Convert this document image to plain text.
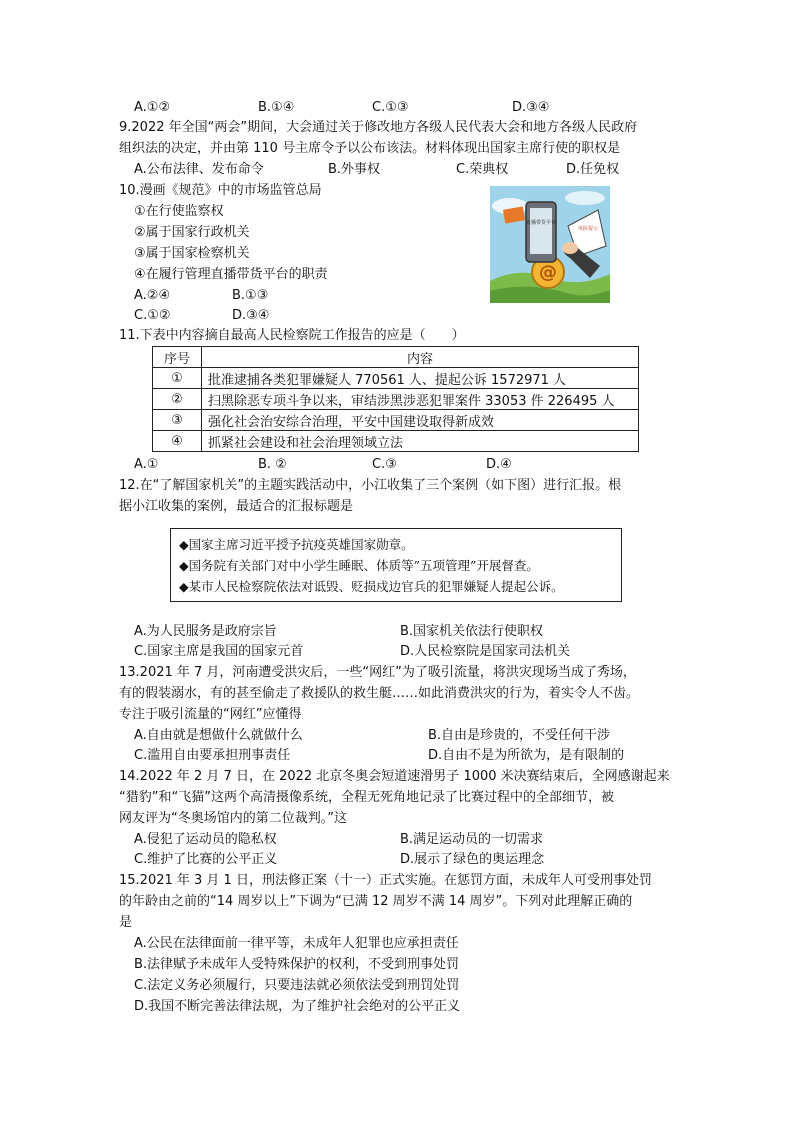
A.①②	B.①④	C.①③	D.③④
9.2022 年全国“两会”期间，大会通过关于修改地方各级人民代表大会和地方各级人民政府
组织法的决定，并由第 110 号主席令予以公布该法。材料体现出国家主席行使的职权是
A.公布法律、发布命令	B.外事权	C.荣典权	D.任免权
10.漫画《规范》中的市场监管总局
①在行使监察权
②属于国家行政机关
③属于国家检察机关
④在履行管理直播带货平台的职责
A.②④	B.①③
C.①②	D.③④
@
直播带货平台
风险提示
11.下表中内容摘自最高人民检察院工作报告的应是（　　）
序号	内容
①	批准逮捕各类犯罪嫌疑人 770561 人、提起公诉 1572971 人
②	扫黑除恶专项斗争以来，审结涉黑涉恶犯罪案件 33053 件 226495 人
③	强化社会治安综合治理，平安中国建设取得新成效
④	抓紧社会建设和社会治理领域立法
A.①	B. ②	C.③	D.④
12.在“了解国家机关”的主题实践活动中，小江收集了三个案例（如下图）进行汇报。根
据小江收集的案例，最适合的汇报标题是
◆国家主席习近平授予抗疫英雄国家勋章。
◆国务院有关部门对中小学生睡眠、体质等”五项管理”开展督查。
◆某市人民检察院依法对诋毁、贬损戍边官兵的犯罪嫌疑人提起公诉。
A.为人民服务是政府宗旨	B.国家机关依法行使职权
C.国家主席是我国的国家元首	D.人民检察院是国家司法机关
13.2021 年 7 月，河南遭受洪灾后，一些“网红”为了吸引流量，将洪灾现场当成了秀场，
有的假装溺水，有的甚至偷走了救援队的救生艇……如此消费洪灾的行为，着实令人不齿。
专注于吸引流量的“网红”应懂得
A.自由就是想做什么就做什么	B.自由是珍贵的，不受任何干涉
C.滥用自由要承担刑事责任	D.自由不是为所欲为，是有限制的
14.2022 年 2 月 7 日，在 2022 北京冬奥会短道速滑男子 1000 米决赛结束后，全网感谢起来
“猎豹”和“飞猫”这两个高清摄像系统，全程无死角地记录了比赛过程中的全部细节，被
网友评为“冬奥场馆内的第二位裁判。”这
A.侵犯了运动员的隐私权	B.满足运动员的一切需求
C.维护了比赛的公平正义	D.展示了绿色的奥运理念
15.2021 年 3 月 1 日，刑法修正案（十一）正式实施。在惩罚方面，未成年人可受刑事处罚
的年龄由之前的“14 周岁以上”下调为“已满 12 周岁不满 14 周岁”。下列对此理解正确的
是
A.公民在法律面前一律平等，未成年人犯罪也应承担责任
B.法律赋予未成年人受特殊保护的权利，不受到刑事处罚
C.法定义务必须履行，只要违法就必须依法受到刑罚处罚
D.我国不断完善法律法规，为了维护社会绝对的公平正义
